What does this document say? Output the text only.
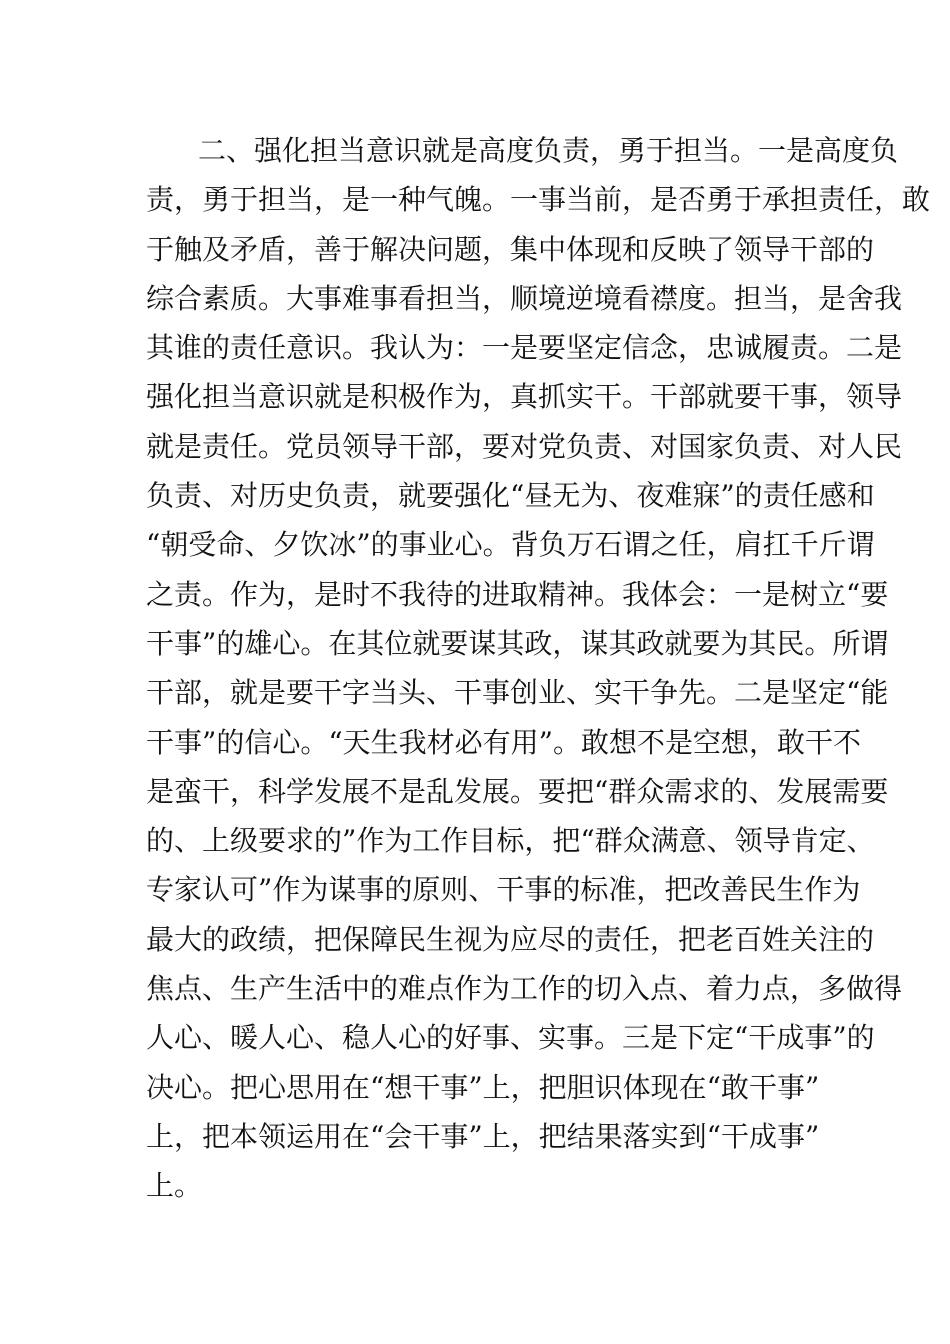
二、强化担当意识就是高度负责，勇于担当。一是高度负
责，勇于担当，是一种气魄。一事当前，是否勇于承担责任，敢
于触及矛盾，善于解决问题，集中体现和反映了领导干部的
综合素质。大事难事看担当，顺境逆境看襟度。担当，是舍我
其谁的责任意识。我认为：一是要坚定信念，忠诚履责。二是
强化担当意识就是积极作为，真抓实干。干部就要干事，领导
就是责任。党员领导干部，要对党负责、对国家负责、对人民
负责、对历史负责，就要强化“昼无为、夜难寐”的责任感和
“朝受命、夕饮冰”的事业心。背负万石谓之任，肩扛千斤谓
之责。作为，是时不我待的进取精神。我体会：一是树立“要
干事”的雄心。在其位就要谋其政，谋其政就要为其民。所谓
干部，就是要干字当头、干事创业、实干争先。二是坚定“能
干事”的信心。“天生我材必有用”。敢想不是空想，敢干不
是蛮干，科学发展不是乱发展。要把“群众需求的、发展需要
的、上级要求的”作为工作目标，把“群众满意、领导肯定、
专家认可”作为谋事的原则、干事的标准，把改善民生作为
最大的政绩，把保障民生视为应尽的责任，把老百姓关注的
焦点、生产生活中的难点作为工作的切入点、着力点，多做得
人心、暖人心、稳人心的好事、实事。三是下定“干成事”的
决心。把心思用在“想干事”上，把胆识体现在“敢干事”
上，把本领运用在“会干事”上，把结果落实到“干成事”
上。
